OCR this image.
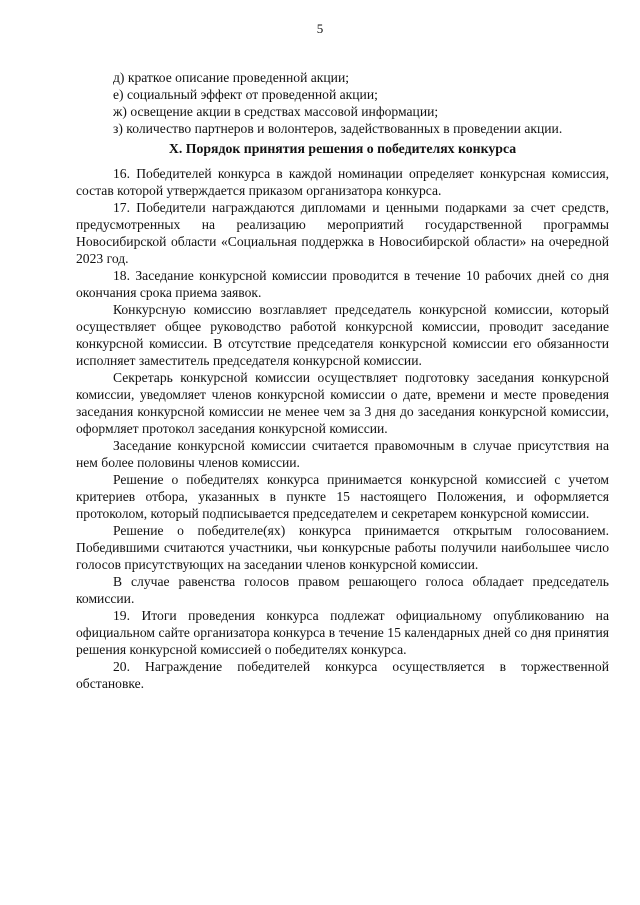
5

д) краткое описание проведенной акции;

е) социальный эффект от проведенной акции;

ж) освещение акции в средствах массовой информации;

з) количество партнеров и волонтеров, задействованных в проведении акции.

X. Порядок принятия решения о победителях конкурса

16. Победителей конкурса в каждой номинации определяет конкурсная комиссия, состав которой утверждается приказом организатора конкурса.

17. Победители награждаются дипломами и ценными подарками за счет средств, предусмотренных на реализацию мероприятий государственной программы Новосибирской области «Социальная поддержка в Новосибирской области» на очередной 2023 год.

18. Заседание конкурсной комиссии проводится в течение 10 рабочих дней со дня окончания срока приема заявок.

Конкурсную комиссию возглавляет председатель конкурсной комиссии, который осуществляет общее руководство работой конкурсной комиссии, проводит заседание конкурсной комиссии. В отсутствие председателя конкурсной комиссии его обязанности исполняет заместитель председателя конкурсной комиссии.

Секретарь конкурсной комиссии осуществляет подготовку заседания конкурсной комиссии, уведомляет членов конкурсной комиссии о дате, времени и месте проведения заседания конкурсной комиссии не менее чем за 3 дня до заседания конкурсной комиссии, оформляет протокол заседания конкурсной комиссии.

Заседание конкурсной комиссии считается правомочным в случае присутствия на нем более половины членов комиссии.

Решение о победителях конкурса принимается конкурсной комиссией с учетом критериев отбора, указанных в пункте 15 настоящего Положения, и оформляется протоколом, который подписывается председателем и секретарем конкурсной комиссии.

Решение о победителе(ях) конкурса принимается открытым голосованием. Победившими считаются участники, чьи конкурсные работы получили наибольшее число голосов присутствующих на заседании членов конкурсной комиссии.

В случае равенства голосов правом решающего голоса обладает председатель комиссии.

19. Итоги проведения конкурса подлежат официальному опубликованию на официальном сайте организатора конкурса в течение 15 календарных дней со дня принятия решения конкурсной комиссией о победителях конкурса.

20. Награждение победителей конкурса осуществляется в торжественной обстановке.
